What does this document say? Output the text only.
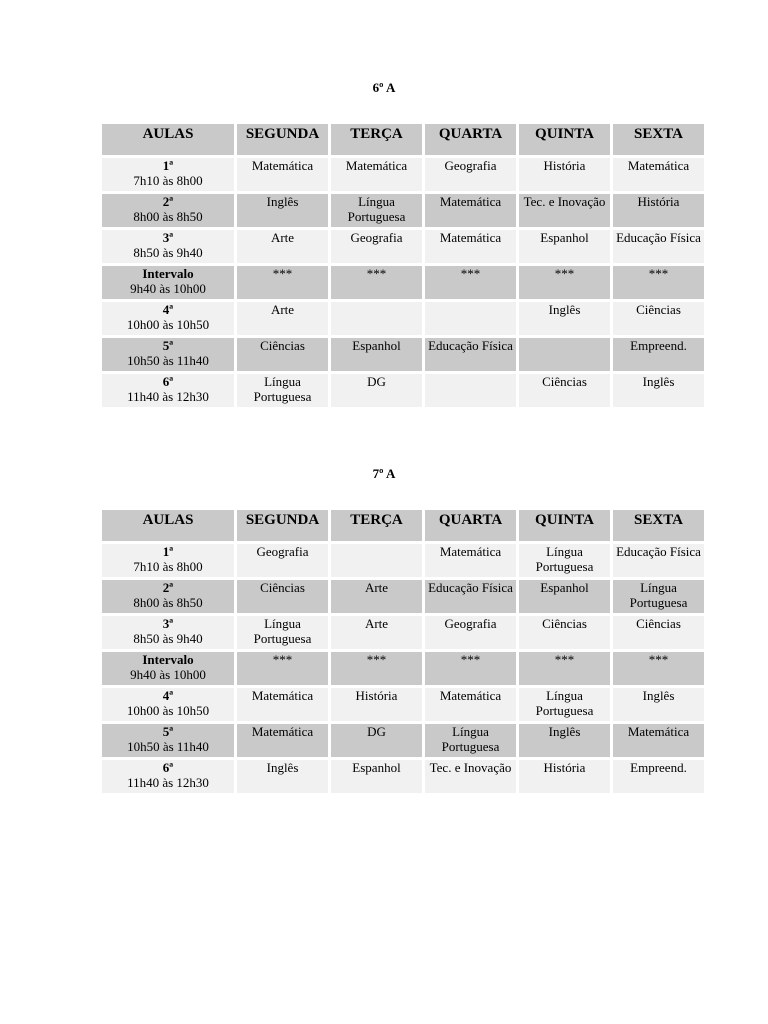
6º A
AULAS	SEGUNDA	TERÇA	QUARTA	QUINTA	SEXTA

1ª
7h10 às 8h00	Matemática	Matemática	Geografia	História	Matemática

2ª
8h00 às 8h50	Inglês	Língua Portuguesa	Matemática	Tec. e Inovação	História

3ª
8h50 às 9h40	Arte	Geografia	Matemática	Espanhol	Educação Física

Intervalo
9h40 às 10h00	***	***	***	***	***

4ª
10h00 às 10h50	Arte			Inglês	Ciências

5ª
10h50 às 11h40	Ciências	Espanhol	Educação Física		Empreend.

6ª
11h40 às 12h30	Língua Portuguesa	DG		Ciências	Inglês
7º A
AULAS	SEGUNDA	TERÇA	QUARTA	QUINTA	SEXTA

1ª
7h10 às 8h00	Geografia		Matemática	Língua Portuguesa	Educação Física

2ª
8h00 às 8h50	Ciências	Arte	Educação Física	Espanhol	Língua Portuguesa

3ª
8h50 às 9h40	Língua Portuguesa	Arte	Geografia	Ciências	Ciências

Intervalo
9h40 às 10h00	***	***	***	***	***

4ª
10h00 às 10h50	Matemática	História	Matemática	Língua Portuguesa	Inglês

5ª
10h50 às 11h40	Matemática	DG	Língua Portuguesa	Inglês	Matemática

6ª
11h40 às 12h30	Inglês	Espanhol	Tec. e Inovação	História	Empreend.
